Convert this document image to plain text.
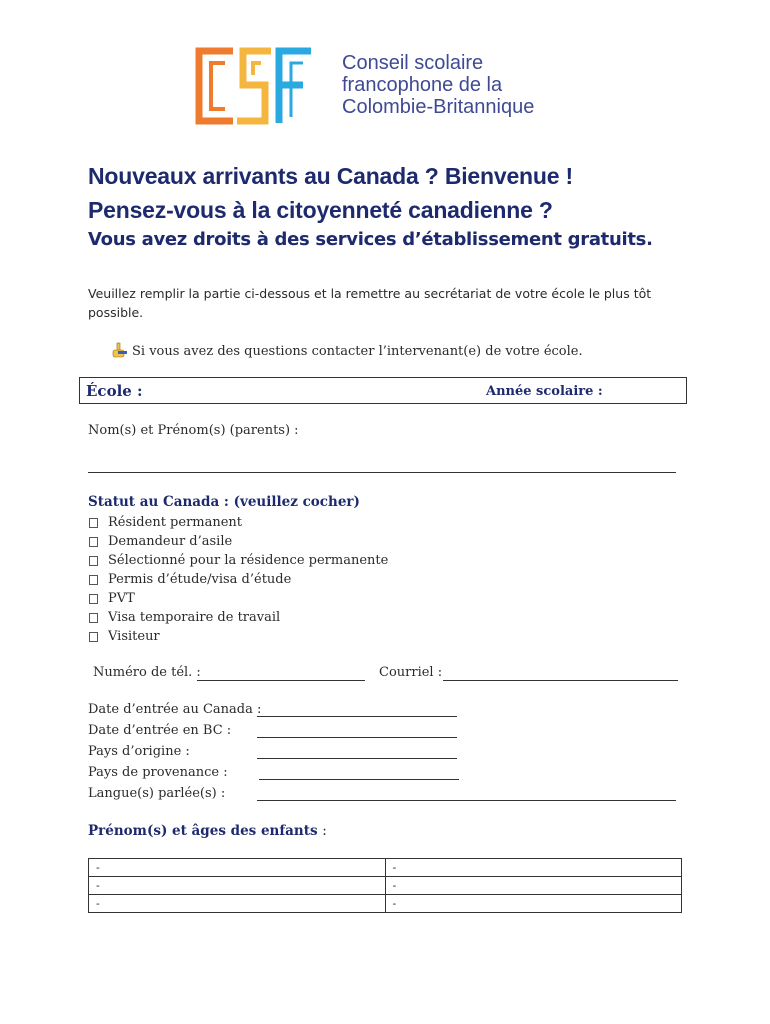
Conseil scolaire
francophone de la
Colombie-Britannique
Nouveaux arrivants au Canada ? Bienvenue !
Pensez-vous à la citoyenneté canadienne ?
Vous avez droits à des services d’établissement gratuits.
Veuillez remplir la partie ci-dessous et la remettre au secrétariat de votre école le plus tôt possible.
Si vous avez des questions contacter l’intervenant(e) de votre école.
École :	Année scolaire :
Nom(s) et Prénom(s) (parents) :
Statut au Canada : (veuillez cocher)
Résident permanent
Demandeur d’asile
Sélectionné pour la résidence permanente
Permis d’étude/visa d’étude
PVT
Visa temporaire de travail
Visiteur
Numéro de tél. :	Courriel :
Date d’entrée au Canada :
Date d’entrée en BC :
Pays d’origine :
Pays de provenance :
Langue(s) parlée(s) :
Prénom(s) et âges des enfants :
-	-
-	-
-	-
